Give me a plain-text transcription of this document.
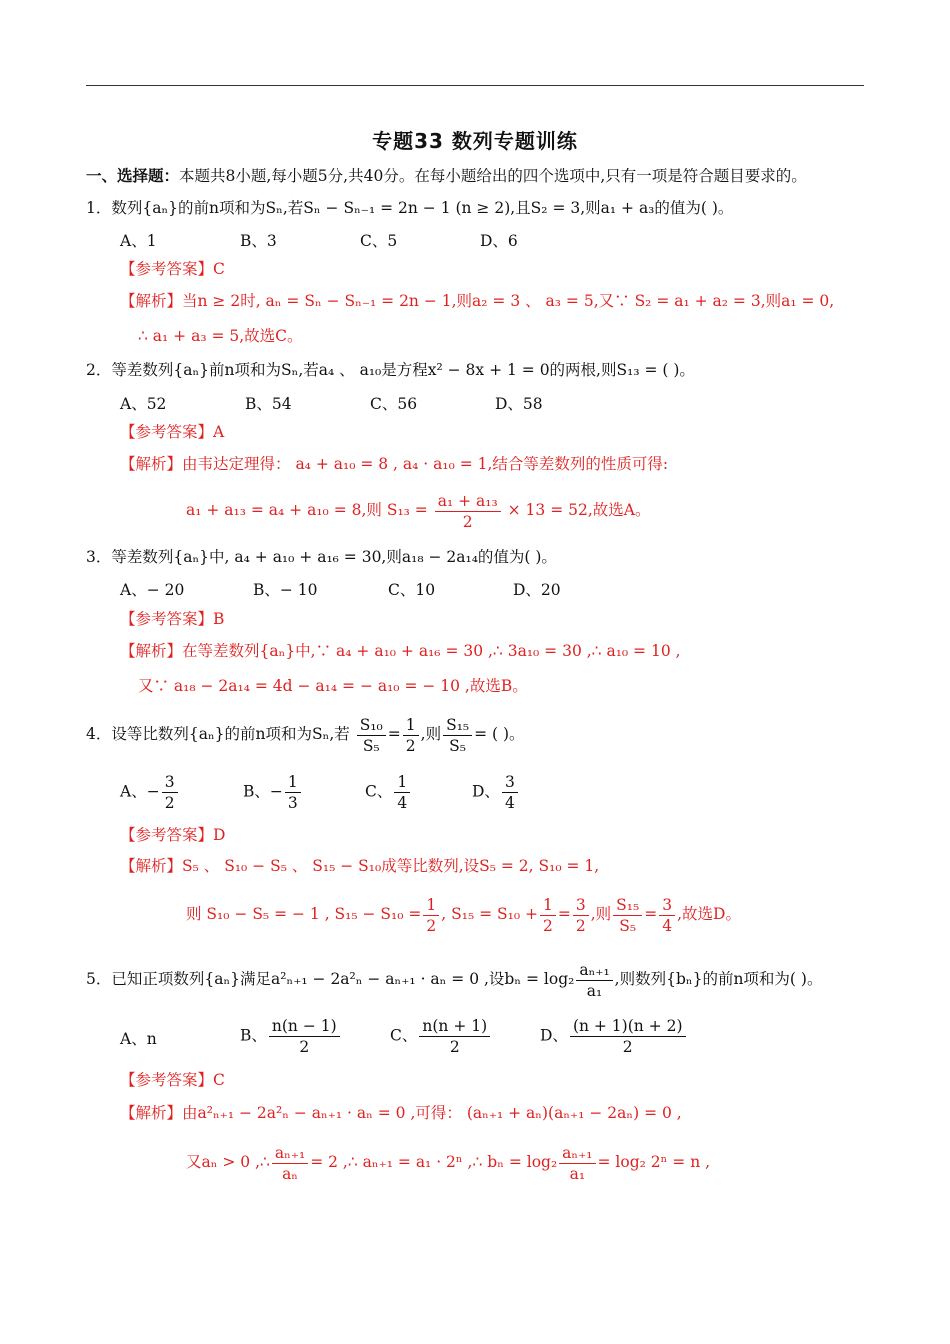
专题33 数列专题训练
一、选择题：本题共8小题,每小题5分,共40分。在每小题给出的四个选项中,只有一项是符合题目要求的。
1．数列{aₙ}的前n项和为Sₙ,若Sₙ − Sₙ₋₁ = 2n − 1 (n ≥ 2),且S₂ = 3,则a₁ + a₃的值为( )。
A、1	B、3	C、5	D、6
【参考答案】C
【解析】当n ≥ 2时, aₙ = Sₙ − Sₙ₋₁ = 2n − 1,则a₂ = 3 、 a₃ = 5,又∵ S₂ = a₁ + a₂ = 3,则a₁ = 0,
∴ a₁ + a₃ = 5,故选C。
2．等差数列{aₙ}前n项和为Sₙ,若a₄ 、 a₁₀是方程x² − 8x + 1 = 0的两根,则S₁₃ = ( )。
A、52	B、54	C、56	D、58
【参考答案】A
【解析】由韦达定理得： a₄ + a₁₀ = 8 , a₄ · a₁₀ = 1,结合等差数列的性质可得:
a₁ + a₁₃ = a₄ + a₁₀ = 8,则 $S_{13} = \frac{\text{a₁ + a₁₃}}{2} \times 13 = 52$,故选A。
3．等差数列{aₙ}中, a₄ + a₁₀ + a₁₆ = 30,则a₁₈ − 2a₁₄的值为( )。
A、− 20	B、− 10	C、10	D、20
【参考答案】B
【解析】在等差数列{aₙ}中,∵ a₄ + a₁₀ + a₁₆ = 30 ,∴ 3a₁₀ = 30 ,∴ a₁₀ = 10 ,
又∵ a₁₈ − 2a₁₄ = 4d − a₁₄ = − a₁₀ = − 10 ,故选B。
4．设等比数列{aₙ}的前n项和为Sₙ,若 $\frac{\text{S₁₀}}{\text{S₅}} = \frac{1}{2}$ ,则 $\frac{\text{S₁₅}}{\text{S₅}}$ = ( )。
A、− $\frac{3}{2}$	B、− $\frac{1}{3}$	C、 $\frac{1}{4}$	D、 $\frac{3}{4}$
【参考答案】D
【解析】S₅ 、 S₁₀ − S₅ 、 S₁₅ − S₁₀成等比数列,设S₅ = 2, S₁₀ = 1,
则 S₁₀ − S₅ = − 1 , $S_{15} - S_{10} = \frac{1}{2}$ , $S_{15} = S_{10} + \frac{1}{2} = \frac{3}{2}$ ,则 $\frac{\text{S₁₅}}{\text{S₅}} = \frac{3}{4}$ ,故选D。
5．已知正项数列{aₙ}满足a²ₙ₊₁ − 2a²ₙ − aₙ₊₁ · aₙ = 0 ,设$b_n = \log_2 \frac{\text{aₙ₊₁}}{\text{a₁}}$ ,则数列{bₙ}的前n项和为( )。
A、n	B、 $\frac{n(n - 1)}{2}$	C、 $\frac{n(n + 1)}{2}$	D、 $\frac{(n + 1)(n + 2)}{2}$
【参考答案】C
【解析】由a²ₙ₊₁ − 2a²ₙ − aₙ₊₁ · aₙ = 0 ,可得： (aₙ₊₁ + aₙ)(aₙ₊₁ − 2aₙ) = 0 ,
又aₙ > 0 ,∴ $\frac{\text{aₙ₊₁}}{\text{aₙ}} = 2$ ,∴ aₙ₊₁ = a₁ · 2ⁿ ,∴ $b_n = \log_2 \frac{\text{aₙ₊₁}}{\text{a₁}} = \log_2$ 2ⁿ = n ,
